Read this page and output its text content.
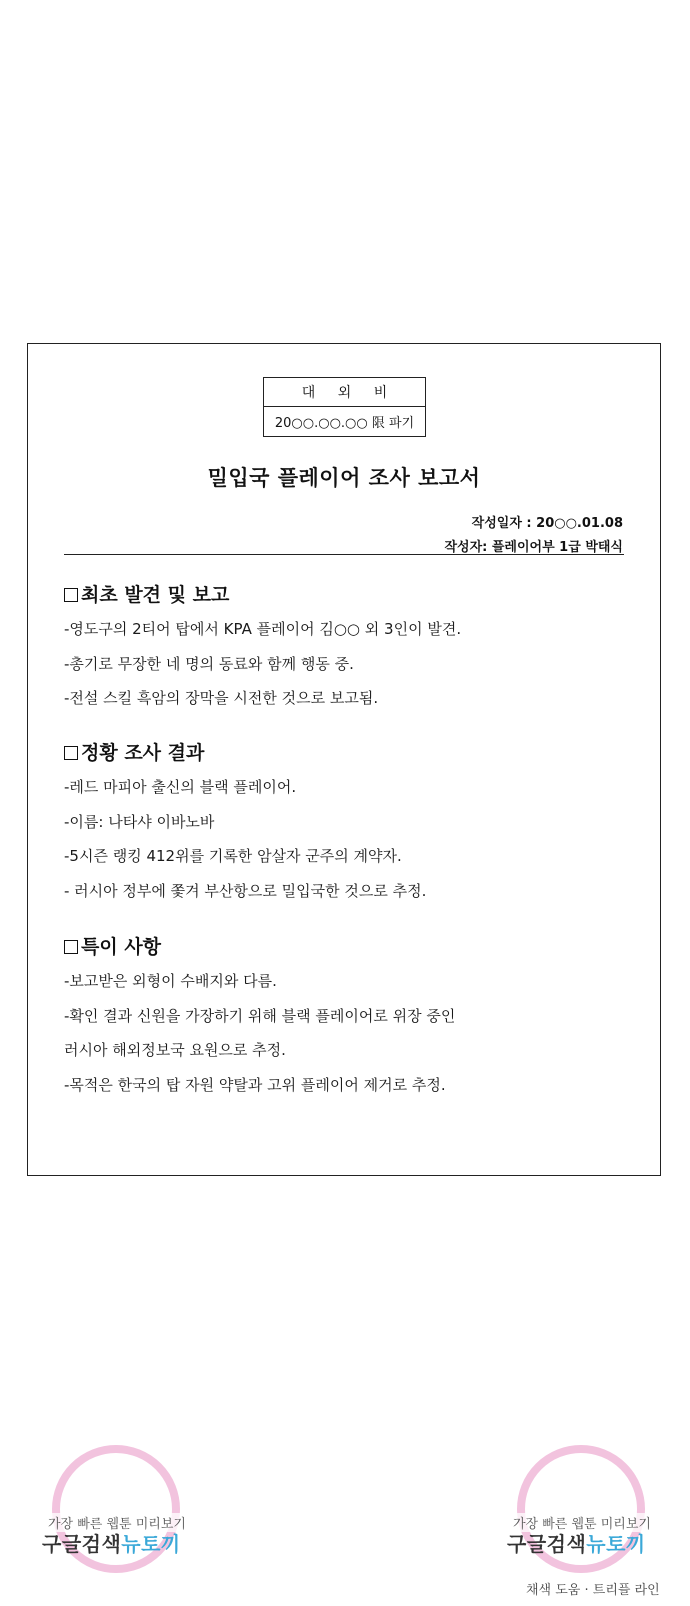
대 외 비
20○○.○○.○○ 限 파기
밀입국 플레이어 조사 보고서
작성일자 : 20○○.01.08
작성자: 플레이어부 1급 박태식
최초 발견 및 보고
-영도구의 2티어 탑에서 KPA 플레이어 김○○ 외 3인이 발견.
-총기로 무장한 네 명의 동료와 함께 행동 중.
-전설 스킬 흑암의 장막을 시전한 것으로 보고됨.
정황 조사 결과
-레드 마피아 출신의 블랙 플레이어.
-이름: 나타샤 이바노바
-5시즌 랭킹 412위를 기록한 암살자 군주의 계약자.
- 러시아 정부에 쫓겨 부산항으로 밀입국한 것으로 추정.
특이 사항
-보고받은 외형이 수배지와 다름.
-확인 결과 신원을 가장하기 위해 블랙 플레이어로 위장 중인
러시아 해외정보국 요원으로 추정.
-목적은 한국의 탑 자원 약탈과 고위 플레이어 제거로 추정.
가장 빠른 웹툰 미리보기
구글검색뉴토끼
가장 빠른 웹툰 미리보기
구글검색뉴토끼
채색 도움 · 트리플 라인
